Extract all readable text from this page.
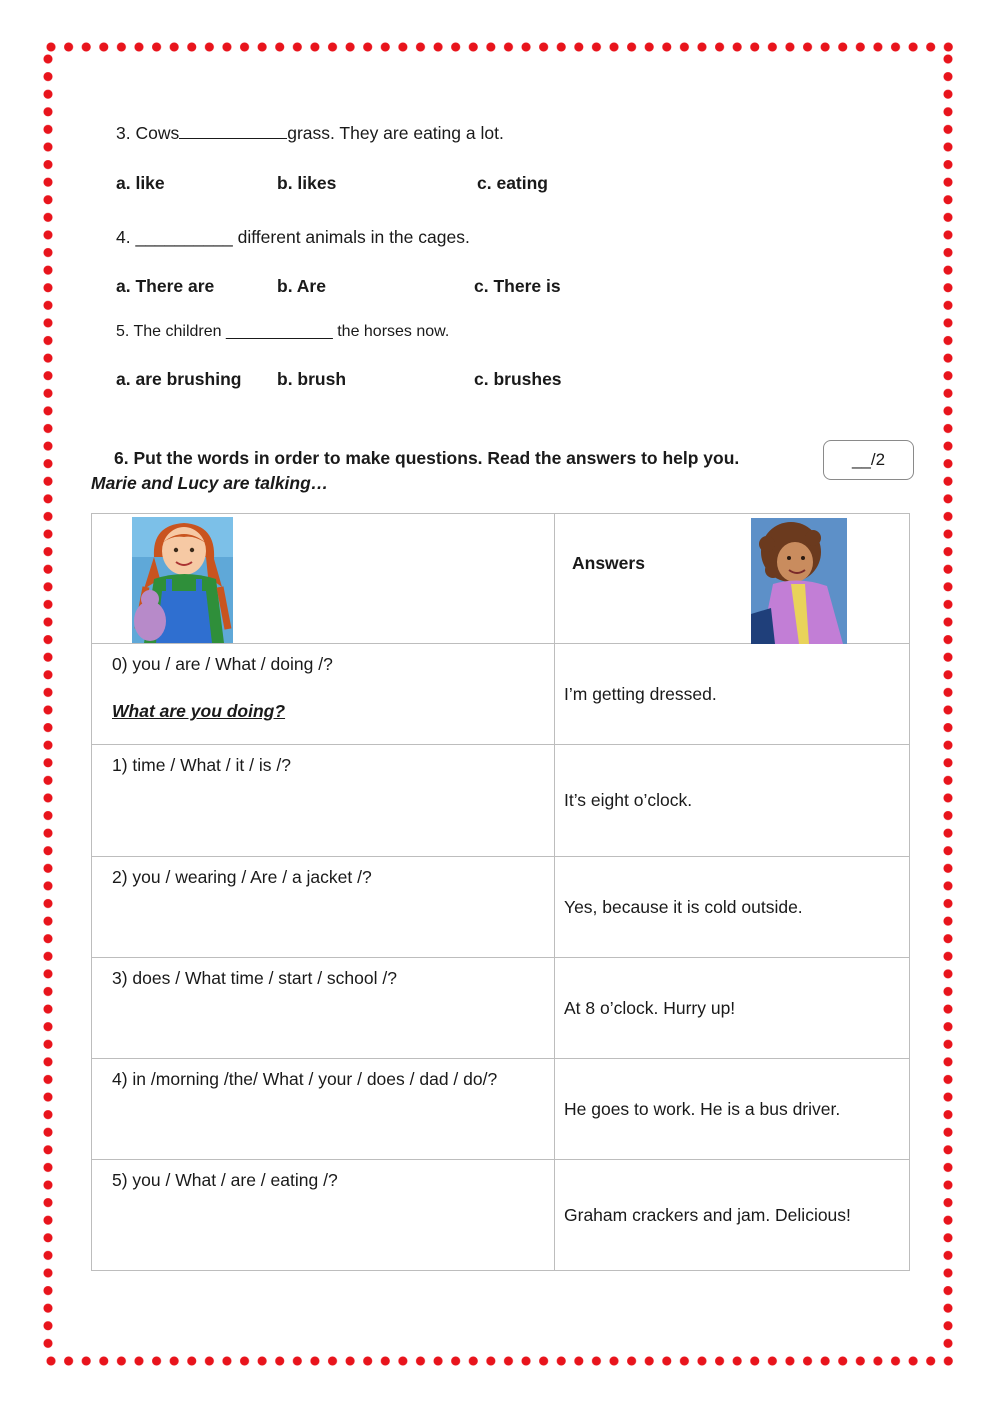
3. Cows	grass. They are eating a lot.
a. like	b. likes	c. eating
4. __________ different animals in the cages.
a. There are	b. Are	c. There is
5. The children ____________ the horses now.
a. are brushing b. brush	c. brushes
6. Put the words in order to make questions. Read the answers to help you.
Marie and Lucy are talking…
__/2

Answers

0) you / are / What / doing /?
What are you doing?	I’m getting dressed.

1) time / What / it / is /?	It’s eight o’clock.

2) you / wearing / Are / a jacket /?	Yes, because it is cold outside.

3) does / What time / start / school /?	At 8 o’clock. Hurry up!

4) in /morning /the/ What / your / does / dad / do/?	He goes to work. He is a bus driver.

5) you / What / are / eating /?	Graham crackers and jam. Delicious!
